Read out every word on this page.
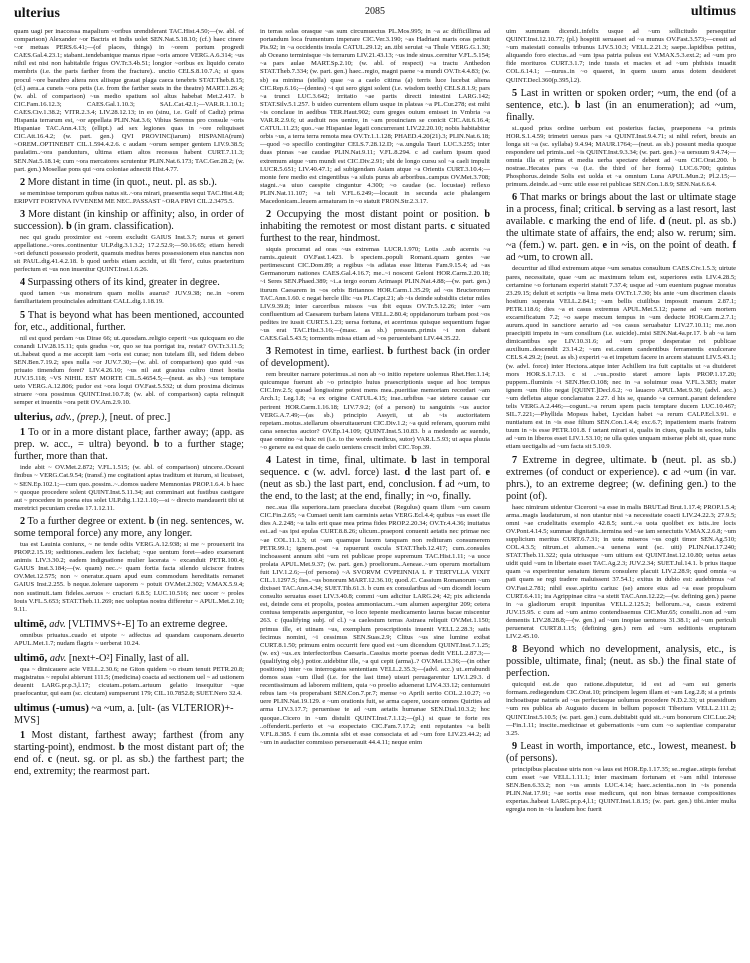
ulterius	2085	ultimus

quam uagi per inaccessa mapalium ~oribus urendiderant TAC.Hist.4.50;—(w. abl. of comparison) Alexander ~or Bactris et Indis uolet SEN.Nat.5.18.10; (cf.) haec cinere ~or metuas PERS.6.41;—(of places, things) in ~orem portum progredi CAES.Gal.4.23.1; stabant..tendebantque manus ripae ~oris amore VERG.A.6.314; ~us nihil est nisi non habitabile frigus OV.Tr.3.4b.51; longior ~oribus ex liquido cerato membris (i.e. the parts farther from the fracture).. unctio CELS.8.10.7.A; si quos procul ~ore barathro altera nox aliisque grauat plaga caeca tenebris STAT.Theb.8.15; (cf.) aera..a cuneis ~ora petis (i.e. from the farther seats in the theatre) MART.1.26.4; (w. abl. of comparison) ~us medio spatium sol altus habebat Met.2.417. b CIC.Fam.16.12.3; CAES.Gal.1.10.3; SAL.Cat.42.1;—VAR.R.1.10.1; CAES.Civ.1.38.2; VITR.2.3.4; LIV.28.12.13; in eo (sinu, i.e. Gulf of Cadiz) prima Hispania terrarum est, ~or appellata PLIN.Nat.3.6; Vibius Serenus pro consule ~oris Hispaniae TAC.Ann.4.13; (ellipt.) ad sex legiones quas in ~ore reliquisset CIC.Att.16.4.2; (w. part. gen.) QVI PROVINC(iarum) HISPANIA(rum) ~OREM..OPTINEBIT CIL.1.594.4.2.6. c audam ~orum semper gentem LIV.9.38.5; paulatim..~ora pandunturs, ultima etiam altos recessus habent CURT.7.11.3; SEN.Nat.5.18.14; cum ~ora mercatores scrutentur PLIN.Nat.6.173; TAC.Ger.28.2; (w. part. gen.) Mosellae pons qui ~ora coloniae adnectit Hist.4.77.

2 More distant in time (in quot., neut. pl. as sb.).

se meminisse temporum quibus natus sit..~ora mirari, praesentia sequi TAC.Hist.4.8; ERIPVIT FORTVNA IVVENEM ME NEC..PASSAST ~ORA FRVI CIL.2.3475.5.

3 More distant (in kinship or affinity; also, in order of succession). b (in gram. classification).

nec qui gradu proximior est ~orem excludit GAIUS Inst.3.7; nurus et generi appellatione..~ores..continentur ULP.dig.3.1.3.2; 17.2.52.9;—50.16.65; etiam heredi ~ori defuncti possessio proderit, quamuis medius heres possessionem eius nanctus non sit PAUL.dig.41.4.2.18. b quod uerbis etiam accidit, ut illi 'fero', cuius praeteritum perfectum et ~us non inuenitur QUINT.Inst.1.6.26.

4 Surpassing others of its kind, greater in degree.

quod tamen ~us monstrum quam mollis auarus? JUV.9.38; ne..in ~orem familiaritatem prouinciales admittant CALL.dig.1.18.19.

5 That is beyond what has been mentioned, accounted for, etc., additional, further.

nil est quod perdam ~us Dirae 66; ut..quosdam..religio ceperit ~us quicquam eo die conandi LIV.28.15.11; quis gradus ~or, quo se tua porrigat ira, restat? OV.Tr.3.11.5; ut..habeat quod a me accepit iam ~oris est curae; non tutelam illi, sed fidem debeo SEN.Ben.7.19.2; spes nulla ~or JUV.7.30;—(w. abl. of comparison) quo quid ~us priuato timendum foret? LIV.4.26.10; ~us nil aut grauius cultro timet hostia JUV.15.118; ~VS NIHIL EST MORTE CIL.5.4654.5;—(neut. as sb.) ~us temptare ueto VERG.A.12.806; pudor est ~ora loqui OV.Fast.5.532; ut dum proxima dicimus struere ~ora possimus QUINT.Inst.10.7.8; (w. abl. of comparison) capta relinquit semper et inuentis ~ora petit OV.Am.2.9.10.

ulterius, adv., (prep.), [neut. of prec.]

1 To or in a more distant place, farther away; (app. as prep. w. acc., = ultra) beyond. b to a further stage; further, more than that.

inde abit ~ OV.Met.2.872; V.FL.1.515; (w. abl. of comparison) uincere..Oceani finibus ~ VERG.Cat.9.54; (transf.) me cogitationi aptas traditum et iturum, si licuisset, ~ SEN.Ep.102.1;—cum quo..possim..~..domos uadere Memnonias PROP.1.6.4. b haec ~ quoque procedere solent QUINT.Inst.5.11.34; aut comminari aut fustibus castigare aut ~ procedere in poena eius solet ULP.dig.1.12.1.10;—si ~ directo mandauerit tibi ut meretrici pecuniam credas 17.1.12.11.

2 To a further degree or extent. b (in neg. sentences, w. some temporal force) any more, any longer.

tua est Lauinia coniunx, ~ ne tende odiis VERG.A.12.938; si me ~ prouexerit ira PROP.2.15.19; seditiones..eadem lex faciebat; ~que uentum foret—adeo exarserant animis LIV.3.30.2; eadem indignatione mulier lacerata ~ excanduit PETR.100.4; GAIUS Inst.3.184;—(w. quam) nec..~ quam fortia facta silendo ulciscor fratres OV.Met.12.575; non ~ oneratur..quam apud eum commodum hereditatis remanet GAIUS Inst.2.255. b neque..tolerare uaporem ~ potuit OV.Met.2.302; V.MAX.5.9.4; non sustinuit..tam fideles..seruos ~ cruciari 6.8.5; LUC.10.516; nec uocer ~ proles Iouis V.FL.5.653; STAT.Theb.11.269; nec uoluptas nostra differetur ~ APUL.Met.2.10; 9.11.

ultimē, adv. [VLTIMVS+-E] To an extreme degree.

omnibus priuatus..cuado et utpote ~ adfectus ad quandam cauponam..deuerto APUL.Met.1.7; nudam flagris ~ uerberat 10.24.

ultimō, adv. [next+-O²] Finally, last of all.

qua ~ dimicauere acie VELL.2.30.6; ne Giton quidem ~o risum tenuit PETR.20.8; magistratus ~ repulsi abierunt 111.5; (medicina) coacta ad sectionem uel ~ ad ustionem deuenit LARG.pr.p.3,l.17; cicutam..potam..artuum gelatio insequitur ~que praefocantur, qui eam (sc. cicutam) sumpserunt 179; CIL.10.7852.8; SUET.Nero 32.4.

ultimus (-umus) ~a ~um, a. [ult- (as VLTERIOR)+-MVS]

1 Most distant, farthest away; farthest (from any starting-point), endmost. b the most distant part of; the end of. c (neut. sg. or pl. as sb.) the farthest part; the end, extremity; the rearmost part.

in terras solas orasque ~as sum circumuectus PL.Mos.995; in ~a ac difficillima ad portandum loca frumentum imperare CIC.Ver.3.190; ~as Hadriani maris oras petiuit Pis.92; in ~a occidentis insula CATUL.29.12; an..tibi seruiat ~a Thule VERG.G.1.30; ab Oceano terminisque ~is terrarum LIV.21.43.13; ~us inde sinus..cernitur V.FL.5.154; ~a pars aulae MART.Sp.2.10; (w. abl. of respect) ~a tractu Anthedon STAT.Theb.7.334; (w. part. gen.) haec..regio, magni paene ~a mundi OV.Tr.4.4.83; (w. sb) ea minima (stella) quae ~a a caelo citima (a) terris luce lucebat aliena CIC.Rep.6.16;—(dentes) ~i qui sero gigni solent (i.e. wisdom teeth) CELS.8.1.9; pars ~a trunci LUC.3.642; irritatio ~ae partis directi intestini LARG.142; STAT.Silv.5.1.257. b uideo currentem ellum usque in plateas ~a PL.Cur.278; est mihi ~is conclaue in aedibus TER.Haut.902; cum greges ouium emisset in Vmbria ~a VAR.R.2.9.6; ut audiuit nos uenire, in ~am prouinciam se conicit CIC.Att.6.16.4; CATUL.11.23; quo..~ae Hispaniae legati concurrerant LIV.22.20.10; nobis habitabitur orbis ~us, a terra terra remota mea OV.Tr.1.1.128; PHAED.4.20(21).3; PLIN.Nat.6.18;—quod ~o specillo contingitur CELS.7.28.12.D; ~a..ungula Tauri LUC.3.255; inter duas pinnas ~ae caudae PLIN.Nat.9.11; V.FL.8.294. c ad caelum ipsum quod extremum atque ~um mundi est CIC.Div.2.91; ubi de longo cursu sol ~a caeli impulit LUCR.5.651; LIV.40.47.1; ad subigendam Asiam atque ~a Orientis CURT.3.10.4;—monte fere medio est cingentibus ~a siluis purus ab arboribus..campus OV.Met.3.708; stagni..~a uiuo caespite cinguntur 4.300; ~o caudae (sc. locustae) reflexo PLIN.Nat.11.107; ~a teli V.FL.6.249;—locauit in secunda acie phalangem Macedonicam..leuem armaturam in ~o statuit FRON.Str.2.3.17.

2 Occupying the most distant point or position. b inhabiting the remotest or most distant parts. c situated furthest to the rear, hindmost.

siquis procurrat ad oras ~us extremas LUCR.1.970; Lotis ..sub acernis ~a ramis..quieuit OV.Fast.1.423. b speciem..populi Romani..quam gentes ~ae pertimescunt CIC.Dom.89; a regibus ~is adlatas esse litteras Fam.9.15.4; ad ~as Germanorum nationes CAES.Gal.4.16.7; me..~i noscent Geloni HOR.Carm.2.20.18; ~i Seres SEN.Phaed.389; ~i..a tergo eorum Arimaspi PLIN.Nat.4.88;—(w. part. gen.) iturum Caesarem in ~os orbis Britannos HOR.Carm.1.35.29; ad ~os Bructerorum TAC.Ann.1.60. c negat hercle illic ~us PL.Capt.21; ab ~is deinde subsidiis cietur miles LIV.9.39.8; inter carceribus missos ~us ibit equus OV.Tr.5.12.26; inter ~am confluentium ad Caesarem turbam latens VELL.2.80.4; oppidanorum turbam post ~os pedites ire iussit CURT.5.1.23; uersa fortuna, et acerrimus quisque sequentium fugae ~us erat TAC.Hist.3.16;—(masc. as sb.) pressum..primis ~i non dabant CAES.Gal.5.43.5; tormentis missa etiam ad ~os perueniebant LIV.44.35.22.

3 Remotest in time, earliest. b furthest back (in order of development).

rem breuiter narrare poterimus..si non ab ~o initio repetere uolemus Rhet.Her.1.14; quicumque fuerunt ab ~o principio huius praescriptionis usque ad hoc tempus CIC.Inv.2.5; quoad longissime potest mens mea..pueritiae memoriam recordari ~am Arch.1; Leg.1.8; ~a ex origine CATUL.4.15; irae..urbibus ~ae stetere causae cur perirent HOR.Carm.1.16.18; LIV.7.9.2; (of a person) tu sanguinis ~us auctor VERG.A.7.49;—(as sb.) principio Assyrii, ut ab ~is auctoritatem repetam..motus..stellarum obseruitauerunt CIC.Div.1.2; ~a quid referam, quorum mihi cana senectus auctor? OV.Ep.14.109; QUINT.Inst.5.10.83. b a medendo ac suendo, quae omnino ~a huic rei (i.e. to the words medicus, sutor) VAR.L.5.93; ut aqua pluuia ~o genere ea est quae de caelo ueniens crescit imbri CIC.Top.39.

4 Latest in time, final, ultimate. b last in temporal sequence. c (w. advl. force) last. d the last part of. e (neut as sb.) the last part, end, conclusion. f ad ~um, to the end, to the last; at the end, finally; in ~o, finally.

nec..sua illa superiora..tam praeclara ducebat (Regulus) quam illum ~um casum CIC.Fin.2.65; ~a Cumaei uenit iam carminis aetas VERG.Ecl.4.4; quibus ~us esset ille dies A.2.248; ~a talis erit quae mea prima fides PROP.2.20.34; OV.Tr.4.4.36; inuitatus est..ad ~as ipsi epulas CURT.8.8.26; ulicum..praeponi conuenit aetatis nec primae nec ~ae COL.11.1.3; ut ~am quamque lucem tanquam non redituram consumerem PETR.99.1; ignem..post ~a rapuerunt oscula STAT.Theb.12.417; cum..consules inchoassent annum sibi ~um rei publicae prope supremum TAC.Hist.1.11; ~a uoce prolata APUL.Met.9.37; (w. part. gen.) proeliorum..Aeneae..~um operum mortalium fuit LIV.1.2.6;—(of persons) ~A SVORVM CVPEINNIA L F TERTVLLA VIXIT CIL.1.1297.5; fies..~us bonorum MART.12.36.10; quod..C. Cassium Romanorum ~um dixisset TAC.Ann.4.34; SUET.Tib.61.3. b cum ex consularibus ad ~um dicendi locum consulto seruatus esset LIV.3.40.8; commi ~um adicitur LARG.24; 42; pix adicienda est, deinde cera et propolis, postea ammoniacum..~um alumen aspergitur 209; cetera contusa temperatis asperguntur, ~o loco tepente medicamento laurus bacae miscentur 263. c (qualifying subj. of cl.) ~a caelestum terras Astraea reliquit OV.Met.1.150; primus ille, et utinam ~us, exemplum proscriptionis inuenit VELL.2.28.3; satis fecimus nomini, ~i cessimus SEN.Suas.2.9; Clitus ~us sine lumine exibat CURT.8.1.50; primum enim occurrit fere quod est ~um dicendum QUINT.Inst.7.1.25; (w. ex) ~us..ex interfectoribus Caesaris..Cassius morte poenas dedit VELL.2.87.3;—(qualifying obj.) potior..uidebitur ille, ~a qui cepit (arma)..? OV.Met.13.36;—(in other positions) inter ~os interrogatus sententiam VELL.2.35.3;—(advl. acc.) ut..errabundi domos suas ~um illud (i.e. for the last time) uisuri peruagarentur LIV.1.29.3. d recentissimum ad laborem militem, quia ~o proelio aduenerat LIV.4.33.12; centumuiri rebus iam ~is properabant SEN.Con.7.pr.7; mense ~o Aprili serito COL.2.10.27; ~o uere PLIN.Nat.19.129. e ~um orationis fuit, se arma capere, uocare omnes Quirites ad arma LIV.3.17.7; peruenisse te ad ~um aetatis humanae SEN.Dial.10.3.2; hoc quoque..Cicero in ~um distulit QUINT.Inst.7.1.12;—(pl.) si quae te forte res ..offenderit..perferto et ~a exspectato CIC.Fam.7.17.2; enti reputantes ~a belli V.FL.8.385. f cum ils..omnia sibi et esse consociata et ad ~um fore LIV.23.44.2; ad ~um in audaciter commisso perseuerauit 44.4.11; neque enim

uim summam dicendi..infelix usque ad ~um sollicitudo persequitur QUINT.Inst.12.10.77; (pl.) hospitii seruasset ad ~a munus OV.Fast.3.573;—cessit ad ~um maiestati consulis tribunus LIV.5.10.3; VELL.2.21.3; saepe..lapidibus petitus, aliquando foro eiectus..ad ~um ipsa patria pulsus est V.MAX.5.3.ext.2; ad ~um pro fide morituros CURT.3.1.7; inde tussis et macies et ad ~um phthisis inuadit COL.6.14.1; —nurus..in ~o quaeret, in quem usum anus dotem desideret QUINT.Decl.360(p.395,l.2).

5 Last in written or spoken order; ~um, the end (of a sentence, etc.). b last (in an enumeration); ad ~um, finally.

si..quod prius ordine uerbum est posterius facias, praeponens ~a primis HOR.S.1.4.59; trimetri uersus pars ~a QUINT.Inst.9.4.71; si nihil refert, breuis an longa sit ~a (sc. syllaba) 9.4.94; MAUR.1764;—(neut. as sb.) possunt media quoque respondere uel primis..uel ~is QUINT.Inst.9.3.34; (w. part. gen.) ~a uersuum 9.4.74;—omnia illa et prima et media uerba spectare debent ad ~um CIC.Orat.200. b nostrae..Hecates pars ~a (i.e. the third of her forms) LUC.6.700; quintus Phosphorus..deinde Solis est uolda et ~a omnium Luna APUL.Mun.2; Pl.2.15;—primum..deinde..ad ~um: utile esse rei publicae SEN.Con.1.8.9; SEN.Nat.6.6.4.

6 That marks or brings about the last or ultimate stage in a process, final; critical. b serving as a last resort, last available. c marking the end of life. d (neut. pl. as sb.) the ultimate state of affairs, the end; also w. rerum; sim. ~a (fem.) w. part. gen. e in ~is, on the point of death. f ad ~um, to crown all.

decurritur ad illud extremum atque ~um senatus consultum CAES.Civ.1.5.3; uirtute pares, necessitate, quae ~um ac maximum telum est, superiores estis LIV.4.28.5; certamine ~o fortunam experiri statuit 7.37.4; usque ad ~um euentum pugnae moratus 23.29.15; deluit et scriptis ~a lima meis OV.Tr.1.7.30; bis ante ~um discrimen classis hostium superata VELL.2.84.1; ~am bellis ciuilibus imposuit manum 2.87.1; PETR.118.6; dies ~a et casus extremus APUL.Met.5.12; paene ad ~am mortem excarnificatum 7.2; ~o saepe mecum tempus in ~um deducte HOR.Carm.2.7.1; aurum..quod in sanctiore aerario ad ~os casus seruabatur LIV.27.10.11; me..non praecipiti impetu in ~um consilium (i.e. suicide)..misi SEN.Nat.4a.pr.17. b ab ~a iam dimicantibus spe LIV.10.31.6; ad ~um prope desperatae rei publicae auxilium..descendit 23.14.2; ~um est..cutem candentibus ferramentis exulcerare CELS.4.29.2; (neut. as sb.) experiri ~a et impetum facere in arcem statuunt LIV.5.43.1; (w. advl. force) inter Hectora..atque inter Achillem ira fuit capitalis ut ~a diuideret mors HOR.S.1.7.13. c si ..~us..posito staret amore lapis PROP.1.17.20; puppem..fluminis ~i SEN.Her.O.108; nec in ~a soluimur ossa V.FL.3.383; mater ignem ~um filio negat [QUINT.]Decl.6.2; ~o lauacro APUL.Met.9.30; (advl. acc.) ~um defletus atque conclamatus 2.27. d his se, quando ~a cernunt..parant defendere telis VERG.A.2.446;—cogunt..~a rerum spem pacis temptare ducem LUC.10.467; SIL.7.221;—Phyllida Mopsus habet, Lycidan habet ~a rerum CALP.Ecl.3.91. e nuntiatum est in ~is esse filium SEN.Con.1.4.4; exc.6.7; inpatientem maris fratrem tuum in ~is esse PETR.101.8. f uetant mirari si, qualis in ciues, qualis in socios, talis ad ~um in liberos esset LIV.1.53.10; ne ulla quies unquam miserae plebi sit, quae nunc etiam uectigalis ad ~um facta sit 5.10.9.

7 Extreme in degree, ultimate. b (neut. pl. as sb.) extremes (of conduct or experience). c ad ~um (in var. phrs.), to an extreme degree; (w. defining gen.) to the point (of).

haec nimirum uidentur Ciceroni ~a esse in malis BRUT.ad Brut.1.17.4; PROP.1.5.4; arma..magis laudaturum, si non utantur nisi ~a necessitate coacti LIV.24.22.3; 27.9.5; omni ~ae crudelitatis exemplo 42.8.5; sunt..~a uota quolibet ex istis..ire locis OV.Pont.4.14.5; summae dignitatis..termina sed ~ae iam senectutis V.MAX.2.6.8; ~um supplicium meritus CURT.6.7.31; in uota miseros ~us cogit timor SEN.Ag.510; COL.4.3.5; nitrum..et alumen..~a uenena sunt (sc. uiti) PLIN.Nat.17.240; STAT.Theb.11.322; quia utriusque ~um uitium est QUINT.Inst.12.10.80; uetus aetas uidit quid ~um in libertate esset TAC.Ag.2.3; JUV.2.34; SUET.Jul.14.1. b prius itaque quam ~a experirentur senatum iterum consulere placuit LIV.2.28.9; quod omnia ~a pati quam se regi tradere maluissent 37.54.1; exitus in dubio est: audebimus ~a! OV.Fast.2.781; nihil esse..spiritu carius: (se) amore eius ad ~a esse propulsum CURT.6.4.11; ira Agrippinae citra ~a stetit TAC.Ann.12.22;—(w. defining gen.) paene in ~a gladiorum erupit inpunitas VELL.2.125.2; bellorum..~a, casus extremi JUV.15.95. c cum ad ~um animo contendissemus CIC.Mur.65; consilii..non ad ~um dementis LIV.28.28.8;—(w. gen.) ad ~um inopiae uenturos 31.38.1; ad ~um periculi peruenerat CURT.8.1.15; (defining gen.) rem ad ~um seditionis erupturam LIV.2.45.10.

8 Beyond which no development, analysis, etc., is possible, ultimate, final; (neut. as sb.) the final state of perfection.

quicquid est..de quo ratione..disputetur, id est ad ~am sui generis formam..rediegendum CIC.Orat.10; principem legem illam et ~am Leg.2.8; si a primis inchoatisque naturis ad ~us perfectasque uolumus procedere N.D.2.33; ut praesidium ~um res publica ab Augusto ducem in bellum poposcit Tiberium VELL.2.111.2; QUINT.Inst.5.10.5; (w. part. gen.) cum..dubitabit quid sit..~um bonorum CIC.Luc.24;—Fin.1.11; inscite..medicinae et gubernationis ~um cum ~o sapientiae comparatur 3.25.

9 Least in worth, importance, etc., lowest, meanest. b (of persons).

principibus placuisse uiris non ~a laus est HOR.Ep.1.17.35; se..regiae..stirpis ferebat cum esset ~ae VELL.1.11.1; inter maximam fortunam et ~am nihil interesse SEN.Ben.6.33.2; non ~us amnis LUC.4.14; haec..scientia..non in ~is ponenda PLIN.Nat.17.91; ~ae sortis esse medicum, qui non binas ternasue compositiones expertas..habeat LARG.pr.p.4,l.1; QUINT.Inst.1.8.15; (w. part. gen.) tibi..inter multa egregia non in ~is laudum hoc fuerit
